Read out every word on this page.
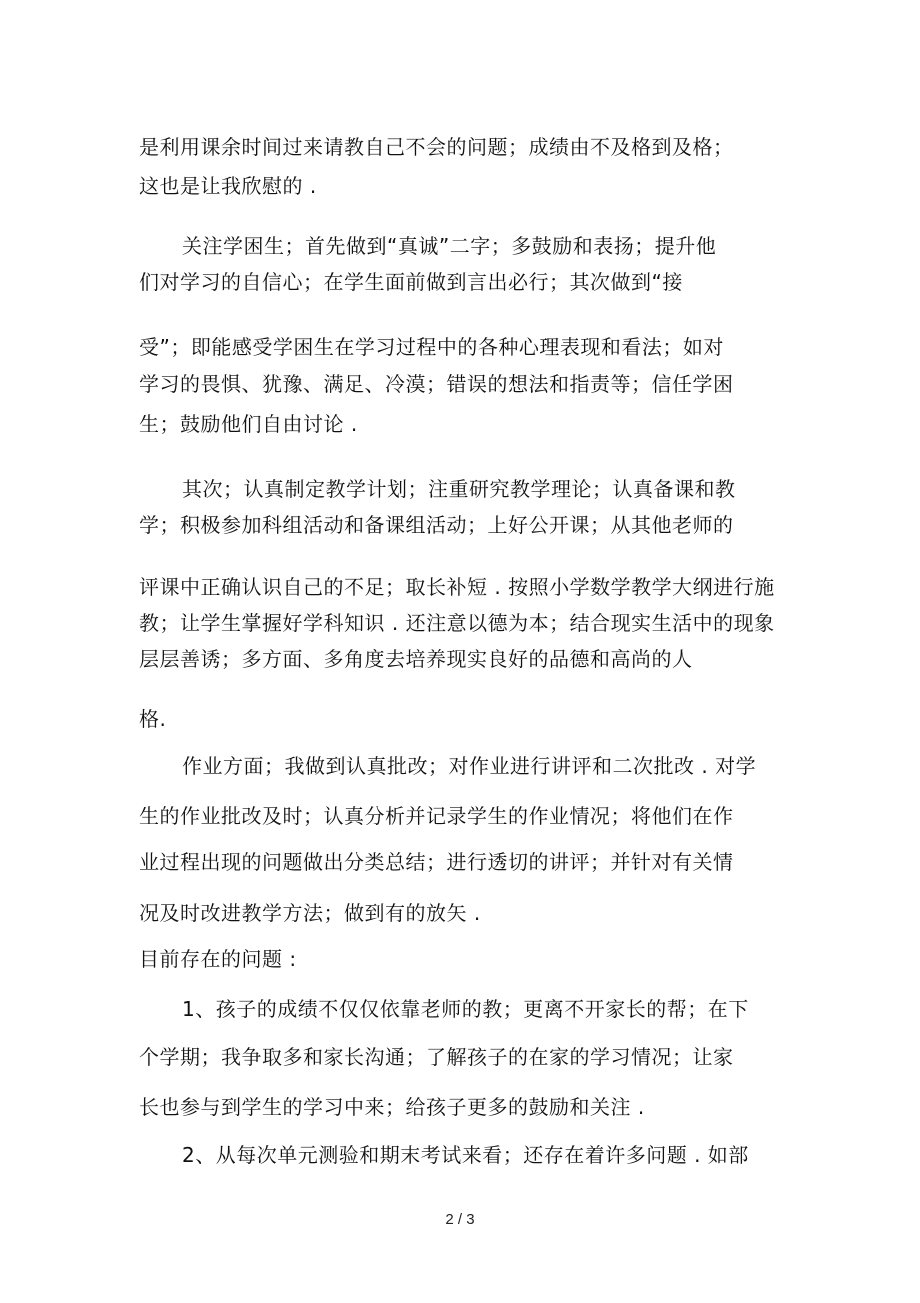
是利用课余时间过来请教自己不会的问题；成绩由不及格到及格；

这也是让我欣慰的 .

关注学困生；首先做到“真诚”二字；多鼓励和表扬；提升他

们对学习的自信心；在学生面前做到言出必行；其次做到“接

受”；即能感受学困生在学习过程中的各种心理表现和看法；如对

学习的畏惧、犹豫、满足、冷漠；错误的想法和指责等；信任学困

生；鼓励他们自由讨论 .

其次；认真制定教学计划；注重研究教学理论；认真备课和教

学；积极参加科组活动和备课组活动；上好公开课；从其他老师的

评课中正确认识自己的不足；取长补短 . 按照小学数学教学大纲进行施

教；让学生掌握好学科知识 . 还注意以德为本；结合现实生活中的现象

层层善诱；多方面、多角度去培养现实良好的品德和高尚的人

格.

作业方面；我做到认真批改；对作业进行讲评和二次批改 . 对学

生的作业批改及时；认真分析并记录学生的作业情况；将他们在作

业过程出现的问题做出分类总结；进行透切的讲评；并针对有关情

况及时改进教学方法；做到有的放矢 .

目前存在的问题 :

1、孩子的成绩不仅仅依靠老师的教；更离不开家长的帮；在下

个学期；我争取多和家长沟通；了解孩子的在家的学习情况；让家

长也参与到学生的学习中来；给孩子更多的鼓励和关注 .

2、从每次单元测验和期末考试来看；还存在着许多问题 . 如部

2 / 3
